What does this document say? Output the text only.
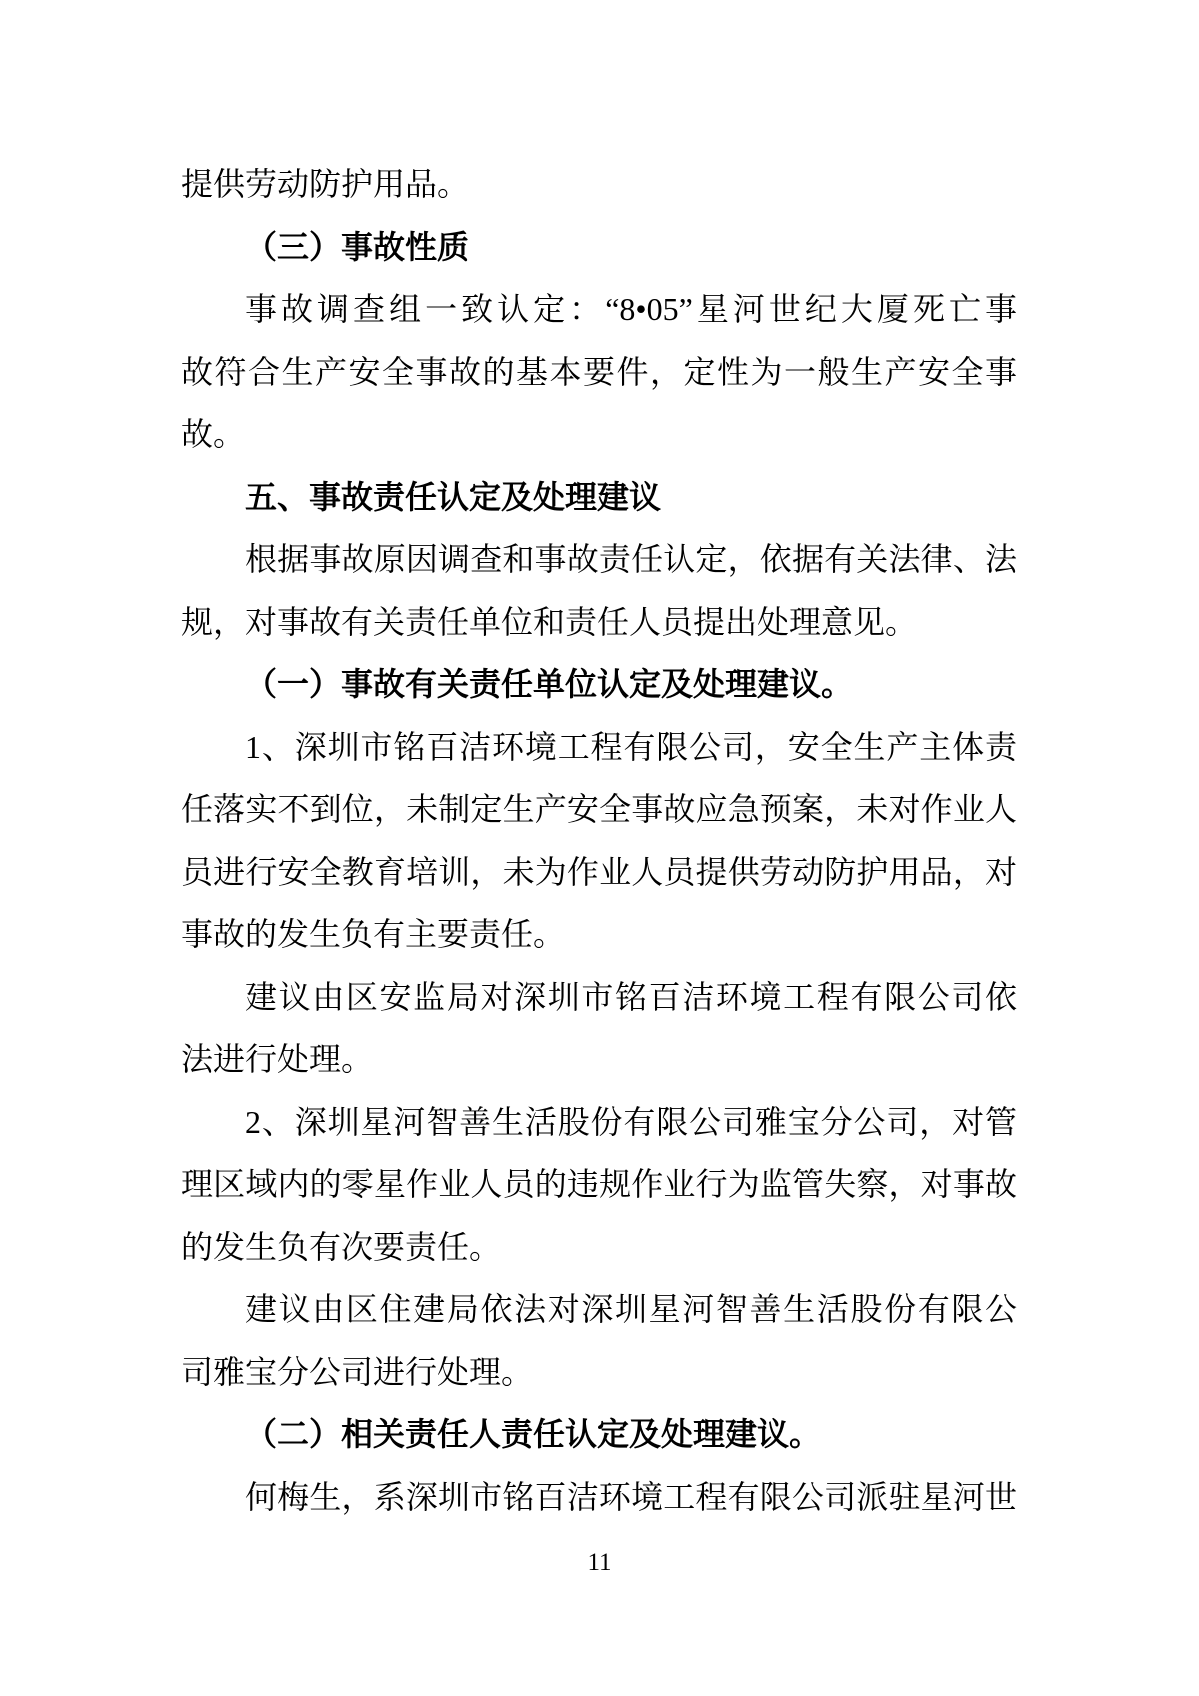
提供劳动防护用品。
（三）事故性质
事故调查组一致认定：“8•05”星河世纪大厦死亡事
故符合生产安全事故的基本要件，定性为一般生产安全事
故。
五、事故责任认定及处理建议
根据事故原因调查和事故责任认定，依据有关法律、法
规，对事故有关责任单位和责任人员提出处理意见。
（一）事故有关责任单位认定及处理建议。
1、深圳市铭百洁环境工程有限公司，安全生产主体责
任落实不到位，未制定生产安全事故应急预案，未对作业人
员进行安全教育培训，未为作业人员提供劳动防护用品，对
事故的发生负有主要责任。
建议由区安监局对深圳市铭百洁环境工程有限公司依
法进行处理。
2、深圳星河智善生活股份有限公司雅宝分公司，对管
理区域内的零星作业人员的违规作业行为监管失察，对事故
的发生负有次要责任。
建议由区住建局依法对深圳星河智善生活股份有限公
司雅宝分公司进行处理。
（二）相关责任人责任认定及处理建议。
何梅生，系深圳市铭百洁环境工程有限公司派驻星河世
11
